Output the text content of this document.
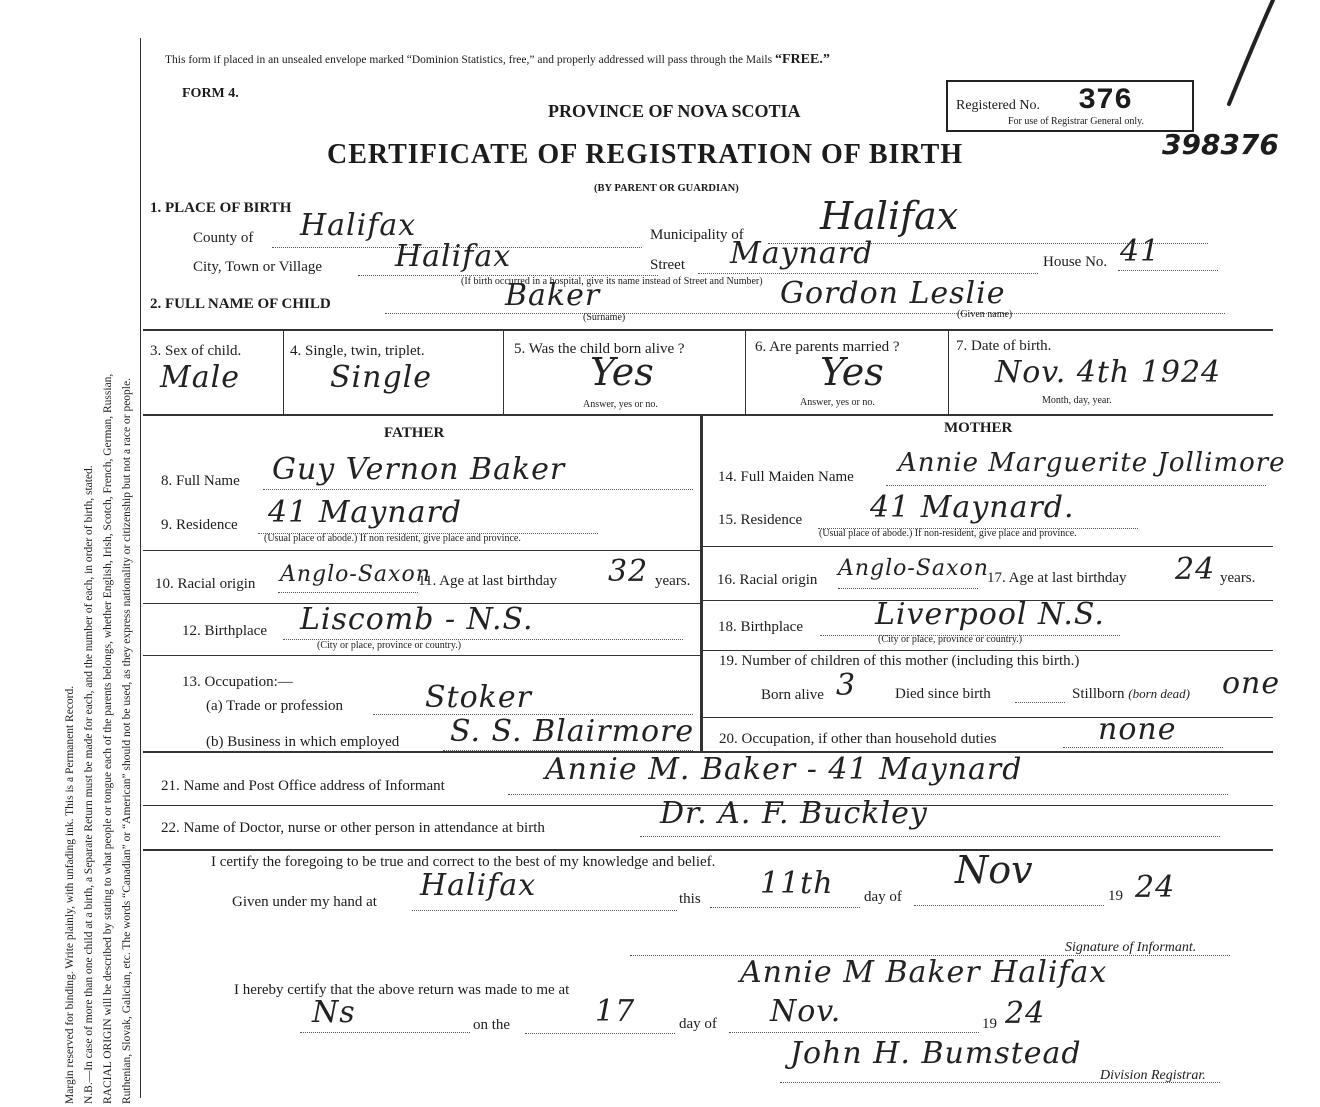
Margin reserved for binding. Write plainly, with unfading ink. This is a Permanent Record. N.B.—In case of more than one child at a birth, a Separate Return must be made for each, and the number of each, in order of birth, stated. RACIAL ORIGIN will be described by stating to what people or tongue each of the parents belongs, whether English, Irish, Scotch, French, German, Russian, Ruthenian, Slovak, Galician, etc. The words “Canadian” or “American” should not be used, as they express nationality or citizenship but not a race or people.
This form if placed in an unsealed envelope marked “Dominion Statistics, free,” and properly addressed will pass through the Mails “FREE.”
FORM 4.
PROVINCE OF NOVA SCOTIA
CERTIFICATE OF REGISTRATION OF BIRTH
(BY PARENT OR GUARDIAN)
Registered No. 376
For use of Registrar General only.
398376
1. PLACE OF BIRTH
County of Halifax	Municipality of Halifax
City, Town or Village Halifax	Street Maynard	House No. 41
(If birth occurred in a hospital, give its name instead of Street and Number)
2. FULL NAME OF CHILD	Baker
(Surname)
Gordon Leslie
(Given name)
3. Sex of child.
Male
4. Single, twin, triplet.
Single
5. Was the child born alive ?
Yes
Answer, yes or no.
6. Are parents married ?
Yes
Answer, yes or no.
7. Date of birth.
Nov. 4th 1924
Month, day, year.
FATHER	MOTHER
8. Full Name Guy Vernon Baker
9. Residence 41 Maynard
(Usual place of abode.) If non resident, give place and province.
10. Racial origin Anglo-Saxon
11. Age at last birthday 32 years.
12. Birthplace Liscomb - N.S.
(City or place, province or country.)
13. Occupation:—
(a) Trade or profession	Stoker
(b) Business in which employed S. S. Blairmore
14. Full Maiden Name Annie Marguerite Jollimore
15. Residence 41 Maynard.
(Usual place of abode.) If non-resident, give place and province.
16. Racial origin Anglo-Saxon
17. Age at last birthday 24 years.
18. Birthplace Liverpool N.S.
(City or place, province or country.)
19. Number of children of this mother (including this birth.)
Born alive 3	Died since birth	Stillborn (born dead) one
20. Occupation, if other than household duties	none
21. Name and Post Office address of Informant	Annie M. Baker - 41 Maynard
22. Name of Doctor, nurse or other person in attendance at birth	Dr. A. F. Buckley
I certify the foregoing to be true and correct to the best of my knowledge and belief.
Given under my hand at Halifax	this 11th day of
Nov
19 24
Signature of Informant.
I hereby certify that the above return was made to me at	Annie M Baker Halifax
Ns	on the	17	day of Nov.	19 24
John H. Bumstead
Division Registrar.
